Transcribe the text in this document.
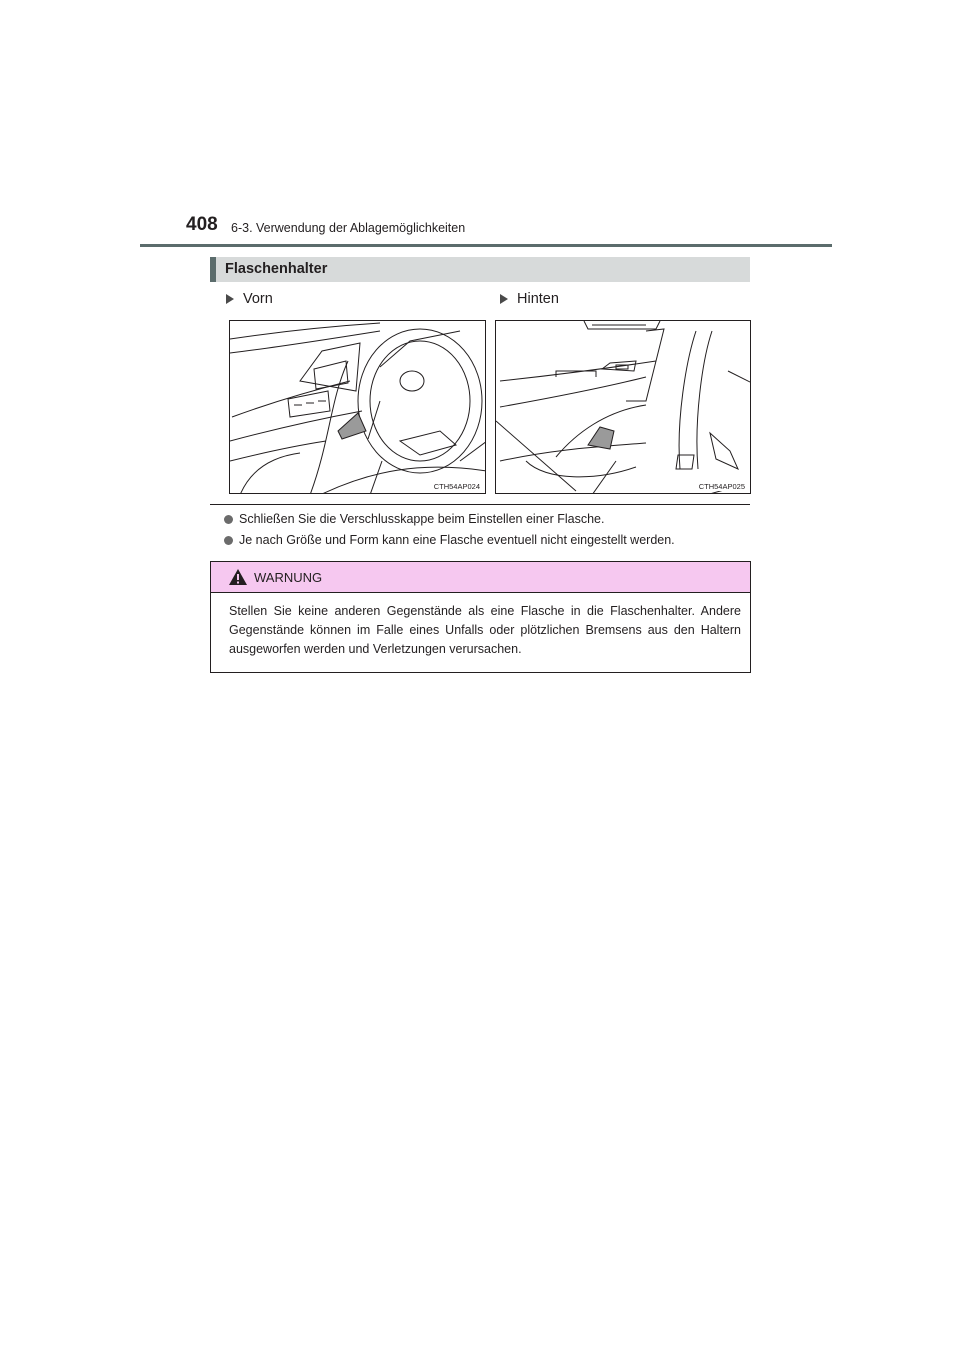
408 6-3. Verwendung der Ablagemöglichkeiten
Flaschenhalter
Vorn	Hinten
CTH54AP024	CTH54AP025
Schließen Sie die Verschlusskappe beim Einstellen einer Flasche.
Je nach Größe und Form kann eine Flasche eventuell nicht eingestellt werden.
WARNUNG
Stellen Sie keine anderen Gegenstände als eine Flasche in die Flaschenhalter. Andere Gegenstände können im Falle eines Unfalls oder plötzlichen Bremsens aus den Haltern ausgeworfen werden und Verletzungen verursachen.
